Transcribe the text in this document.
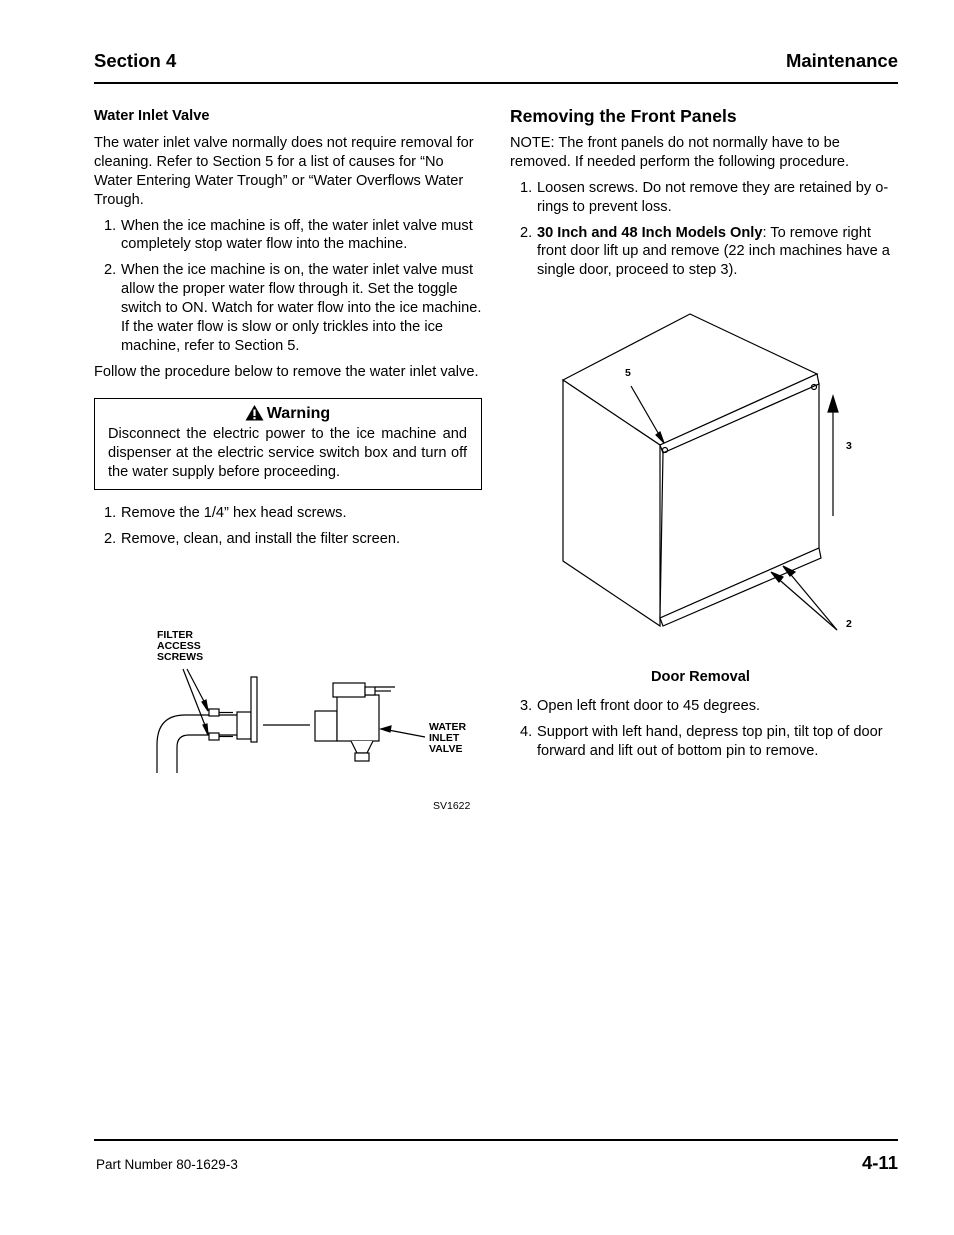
Section 4	Maintenance
Water Inlet Valve

The water inlet valve normally does not require removal for cleaning. Refer to Section 5 for a list of causes for “No Water Entering Water Trough” or “Water Overflows Water Trough.

1. When the ice machine is off, the water inlet valve must completely stop water flow into the machine.
2. When the ice machine is on, the water inlet valve must allow the proper water flow through it. Set the toggle switch to ON. Watch for water flow into the ice machine. If the water flow is slow or only trickles into the ice machine, refer to Section 5.

Follow the procedure below to remove the water inlet valve.

Warning
Disconnect the electric power to the ice machine and dispenser at the electric service switch box and turn off the water supply before proceeding.
1. Remove the 1/4” hex head screws.
2. Remove, clean, and install the filter screen.
FILTER
ACCESS
SCREWS
WATER
INLET
VALVE
SV1622
Removing the Front Panels

NOTE: The front panels do not normally have to be removed. If needed perform the following procedure.

1. Loosen screws. Do not remove they are retained by o-rings to prevent loss.
2. 30 Inch and 48 Inch Models Only: To remove right front door lift up and remove (22 inch machines have a single door, proceed to step 3).
5
3
2
Door Removal
3. Open left front door to 45 degrees.
4. Support with left hand, depress top pin, tilt top of door forward and lift out of bottom pin to remove.
Part Number 80-1629-3	4-11
